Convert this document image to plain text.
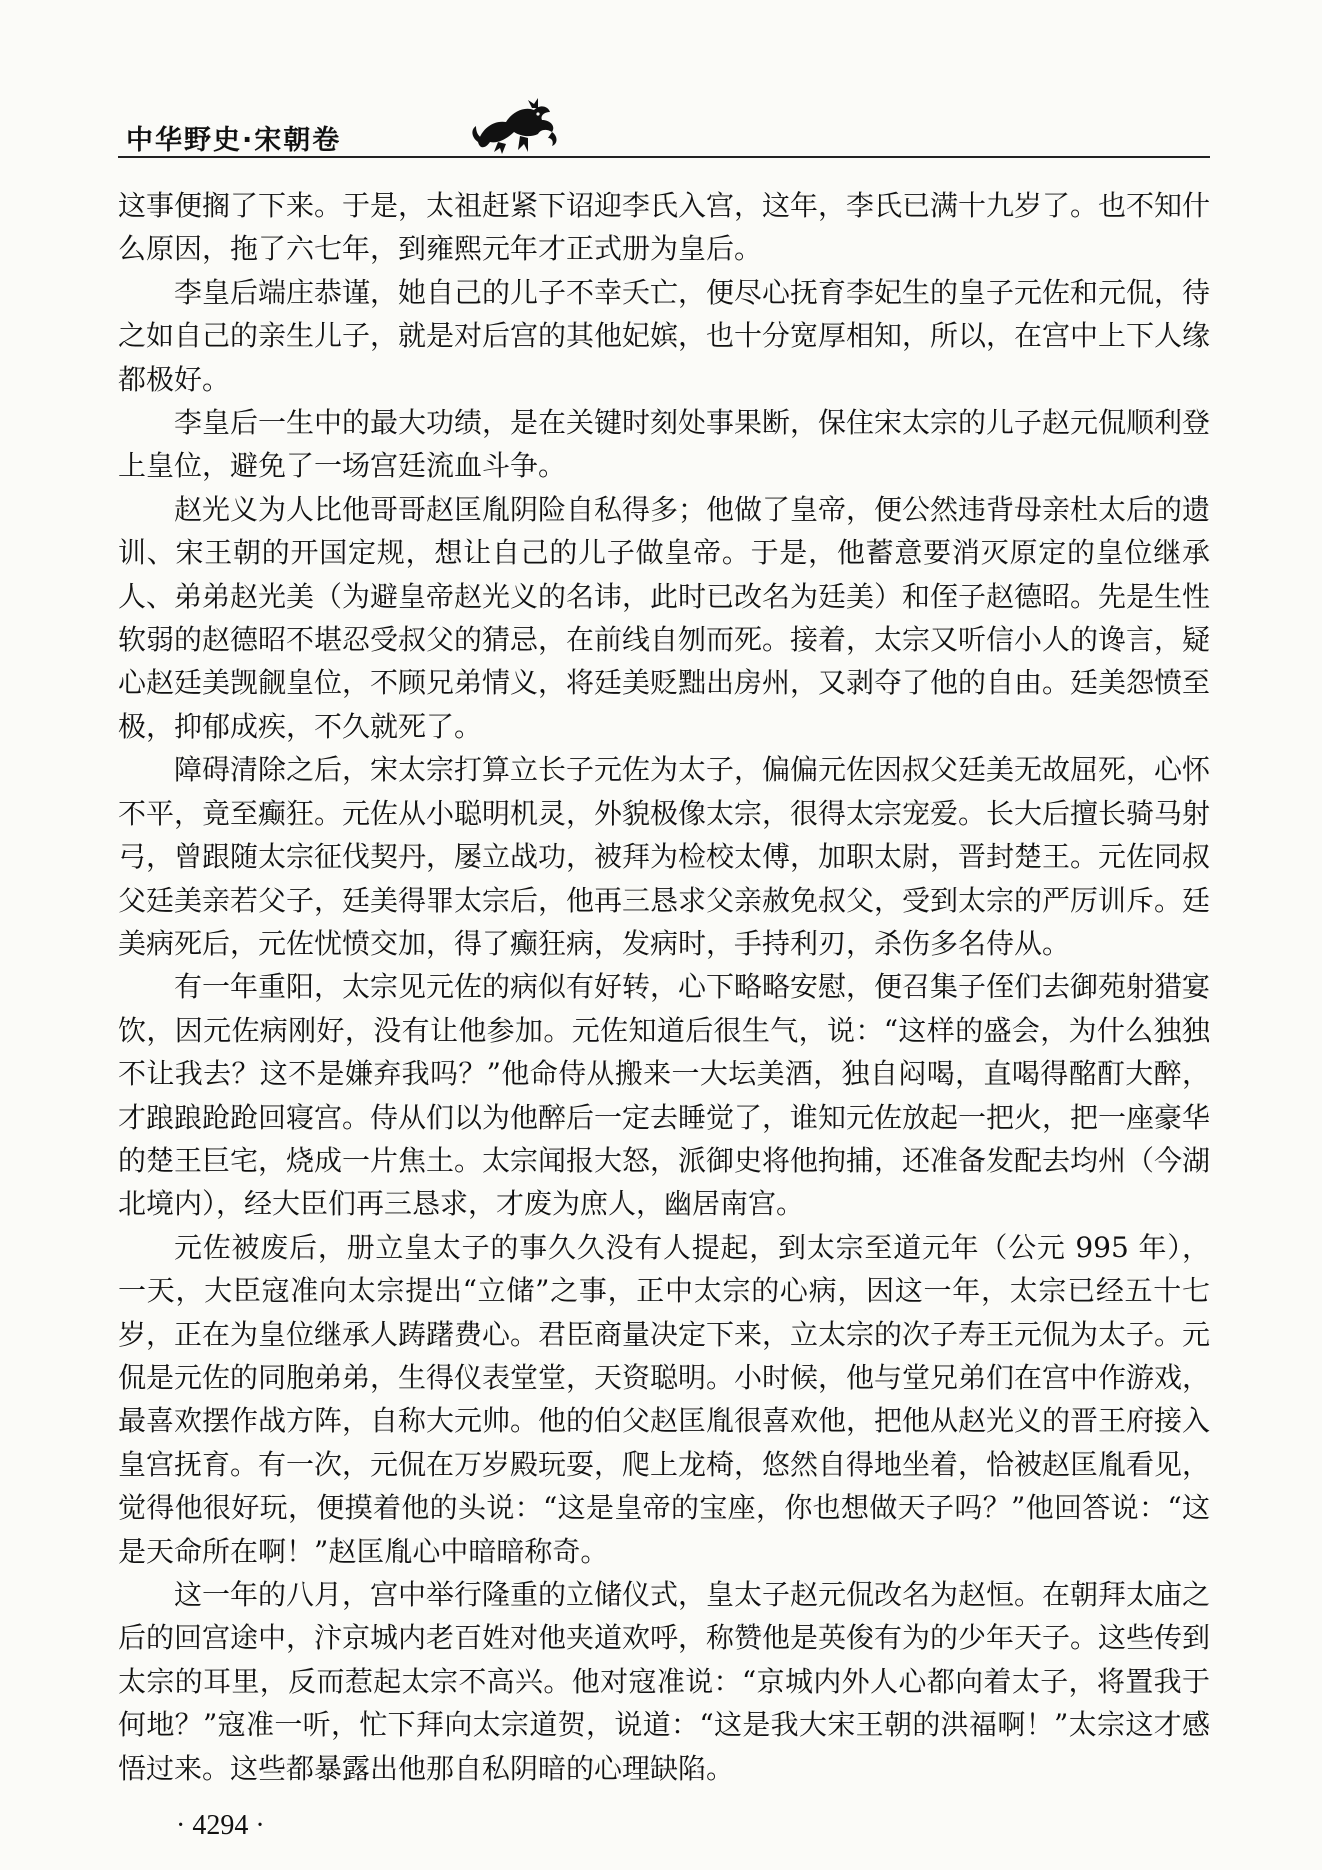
中华野史·宋朝卷

这事便搁了下来。于是，太祖赶紧下诏迎李氏入宫，这年，李氏已满十九岁了。也不知什么原因，拖了六七年，到雍熙元年才正式册为皇后。

李皇后端庄恭谨，她自己的儿子不幸夭亡，便尽心抚育李妃生的皇子元佐和元侃，待之如自己的亲生儿子，就是对后宫的其他妃嫔，也十分宽厚相知，所以，在宫中上下人缘都极好。

李皇后一生中的最大功绩，是在关键时刻处事果断，保住宋太宗的儿子赵元侃顺利登上皇位，避免了一场宫廷流血斗争。

赵光义为人比他哥哥赵匡胤阴险自私得多；他做了皇帝，便公然违背母亲杜太后的遗训、宋王朝的开国定规，想让自己的儿子做皇帝。于是，他蓄意要消灭原定的皇位继承人、弟弟赵光美（为避皇帝赵光义的名讳，此时已改名为廷美）和侄子赵德昭。先是生性软弱的赵德昭不堪忍受叔父的猜忌，在前线自刎而死。接着，太宗又听信小人的谗言，疑心赵廷美觊觎皇位，不顾兄弟情义，将廷美贬黜出房州，又剥夺了他的自由。廷美怨愤至极，抑郁成疾，不久就死了。

障碍清除之后，宋太宗打算立长子元佐为太子，偏偏元佐因叔父廷美无故屈死，心怀不平，竟至癫狂。元佐从小聪明机灵，外貌极像太宗，很得太宗宠爱。长大后擅长骑马射弓，曾跟随太宗征伐契丹，屡立战功，被拜为检校太傅，加职太尉，晋封楚王。元佐同叔父廷美亲若父子，廷美得罪太宗后，他再三恳求父亲赦免叔父，受到太宗的严厉训斥。廷美病死后，元佐忧愤交加，得了癫狂病，发病时，手持利刃，杀伤多名侍从。

有一年重阳，太宗见元佐的病似有好转，心下略略安慰，便召集子侄们去御苑射猎宴饮，因元佐病刚好，没有让他参加。元佐知道后很生气，说：“这样的盛会，为什么独独不让我去？这不是嫌弃我吗？”他命侍从搬来一大坛美酒，独自闷喝，直喝得酩酊大醉，才踉踉跄跄回寝宫。侍从们以为他醉后一定去睡觉了，谁知元佐放起一把火，把一座豪华的楚王巨宅，烧成一片焦土。太宗闻报大怒，派御史将他拘捕，还准备发配去均州（今湖北境内），经大臣们再三恳求，才废为庶人，幽居南宫。

元佐被废后，册立皇太子的事久久没有人提起，到太宗至道元年（公元 995 年），一天，大臣寇准向太宗提出“立储”之事，正中太宗的心病，因这一年，太宗已经五十七岁，正在为皇位继承人踌躇费心。君臣商量决定下来，立太宗的次子寿王元侃为太子。元侃是元佐的同胞弟弟，生得仪表堂堂，天资聪明。小时候，他与堂兄弟们在宫中作游戏，最喜欢摆作战方阵，自称大元帅。他的伯父赵匡胤很喜欢他，把他从赵光义的晋王府接入皇宫抚育。有一次，元侃在万岁殿玩耍，爬上龙椅，悠然自得地坐着，恰被赵匡胤看见，觉得他很好玩，便摸着他的头说：“这是皇帝的宝座，你也想做天子吗？”他回答说：“这是天命所在啊！”赵匡胤心中暗暗称奇。

这一年的八月，宫中举行隆重的立储仪式，皇太子赵元侃改名为赵恒。在朝拜太庙之后的回宫途中，汴京城内老百姓对他夹道欢呼，称赞他是英俊有为的少年天子。这些传到太宗的耳里，反而惹起太宗不高兴。他对寇准说：“京城内外人心都向着太子，将置我于何地？”寇准一听，忙下拜向太宗道贺，说道：“这是我大宋王朝的洪福啊！”太宗这才感悟过来。这些都暴露出他那自私阴暗的心理缺陷。

· 4294 ·
